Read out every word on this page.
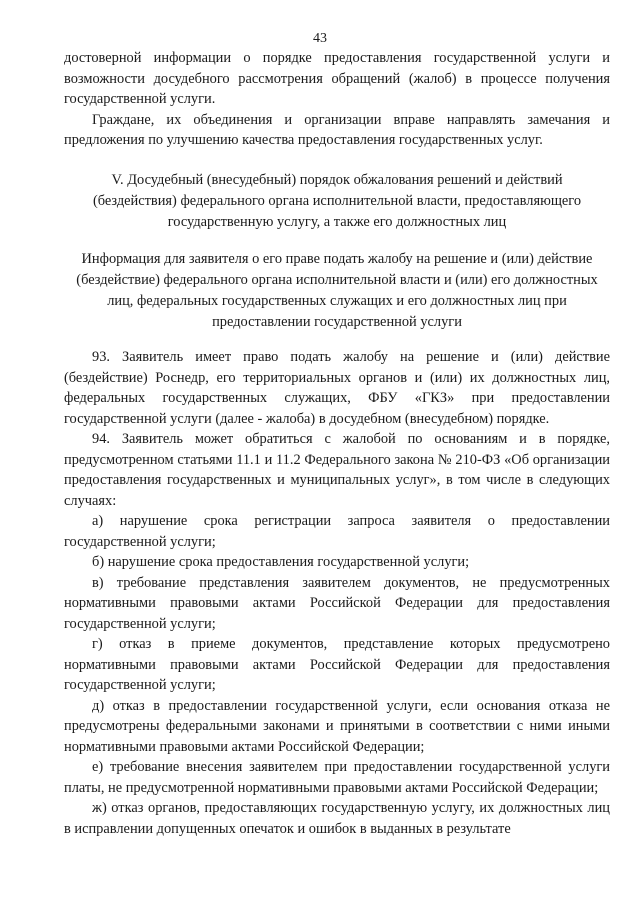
43

достоверной информации о порядке предоставления государственной услуги и возможности досудебного рассмотрения обращений (жалоб) в процессе получения государственной услуги.

Граждане, их объединения и организации вправе направлять замечания и предложения по улучшению качества предоставления государственных услуг.

V. Досудебный (внесудебный) порядок обжалования решений и действий

(бездействия) федерального органа исполнительной власти, предоставляющего

государственную услугу, а также его должностных лиц

Информация для заявителя о его праве подать жалобу на решение и (или) действие

(бездействие) федерального органа исполнительной власти и (или) его должностных

лиц, федеральных государственных служащих и его должностных лиц при

предоставлении государственной услуги

93. Заявитель имеет право подать жалобу на решение и (или) действие (бездействие) Роснедр, его территориальных органов и (или) их должностных лиц, федеральных государственных служащих, ФБУ «ГКЗ» при предоставлении государственной услуги (далее - жалоба) в досудебном (внесудебном) порядке.

94. Заявитель может обратиться с жалобой по основаниям и в порядке, предусмотренном статьями 11.1 и 11.2 Федерального закона № 210-ФЗ «Об организации предоставления государственных и муниципальных услуг», в том числе в следующих случаях:

а) нарушение срока регистрации запроса заявителя о предоставлении государственной услуги;

б) нарушение срока предоставления государственной услуги;

в) требование представления заявителем документов, не предусмотренных нормативными правовыми актами Российской Федерации для предоставления государственной услуги;

г) отказ в приеме документов, представление которых предусмотрено нормативными правовыми актами Российской Федерации для предоставления государственной услуги;

д) отказ в предоставлении государственной услуги, если основания отказа не предусмотрены федеральными законами и принятыми в соответствии с ними иными нормативными правовыми актами Российской Федерации;

е) требование внесения заявителем при предоставлении государственной услуги платы, не предусмотренной нормативными правовыми актами Российской Федерации;

ж) отказ органов, предоставляющих государственную услугу, их должностных лиц в исправлении допущенных опечаток и ошибок в выданных в результате
